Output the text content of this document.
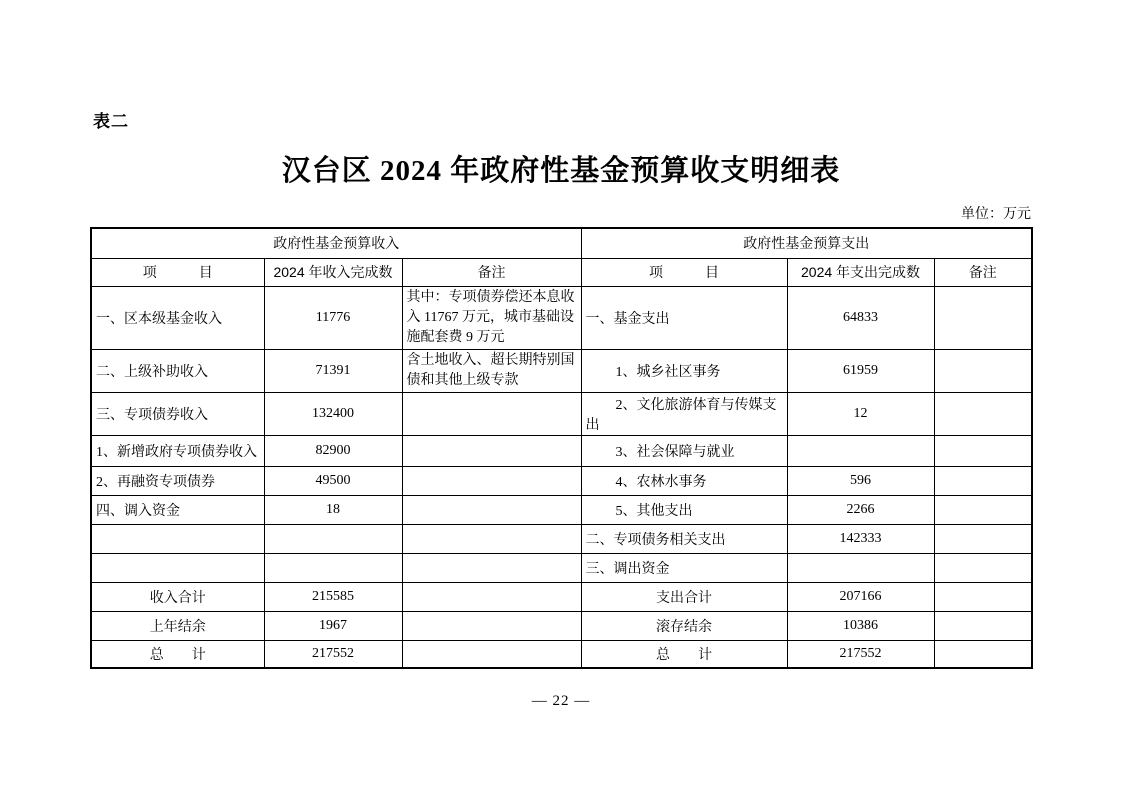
表二
汉台区 2024 年政府性基金预算收支明细表
单位：万元
政府性基金预算收入			政府性基金预算支出		
项　　　目	2024 年收入完成数	备注	项　　　目	2024 年支出完成数	备注
一、区本级基金收入	11776	其中：专项债券偿还本息收入 11767 万元，城市基础设施配套费 9 万元	一、基金支出	64833	
二、上级补助收入	71391	含土地收入、超长期特别国债和其他上级专款	1、城乡社区事务	61959	
三、专项债券收入	132400		2、文化旅游体育与传媒支出	12	
1、新增政府专项债券收入	82900		3、社会保障与就业		
2、再融资专项债券	49500		4、农林水事务	596	
四、调入资金	18		5、其他支出	2266	
			二、专项债务相关支出	142333	
			三、调出资金		
收入合计	215585		支出合计	207166	
上年结余	1967		滚存结余	10386	
总　　计	217552		总　　计	217552	
— 22 —
